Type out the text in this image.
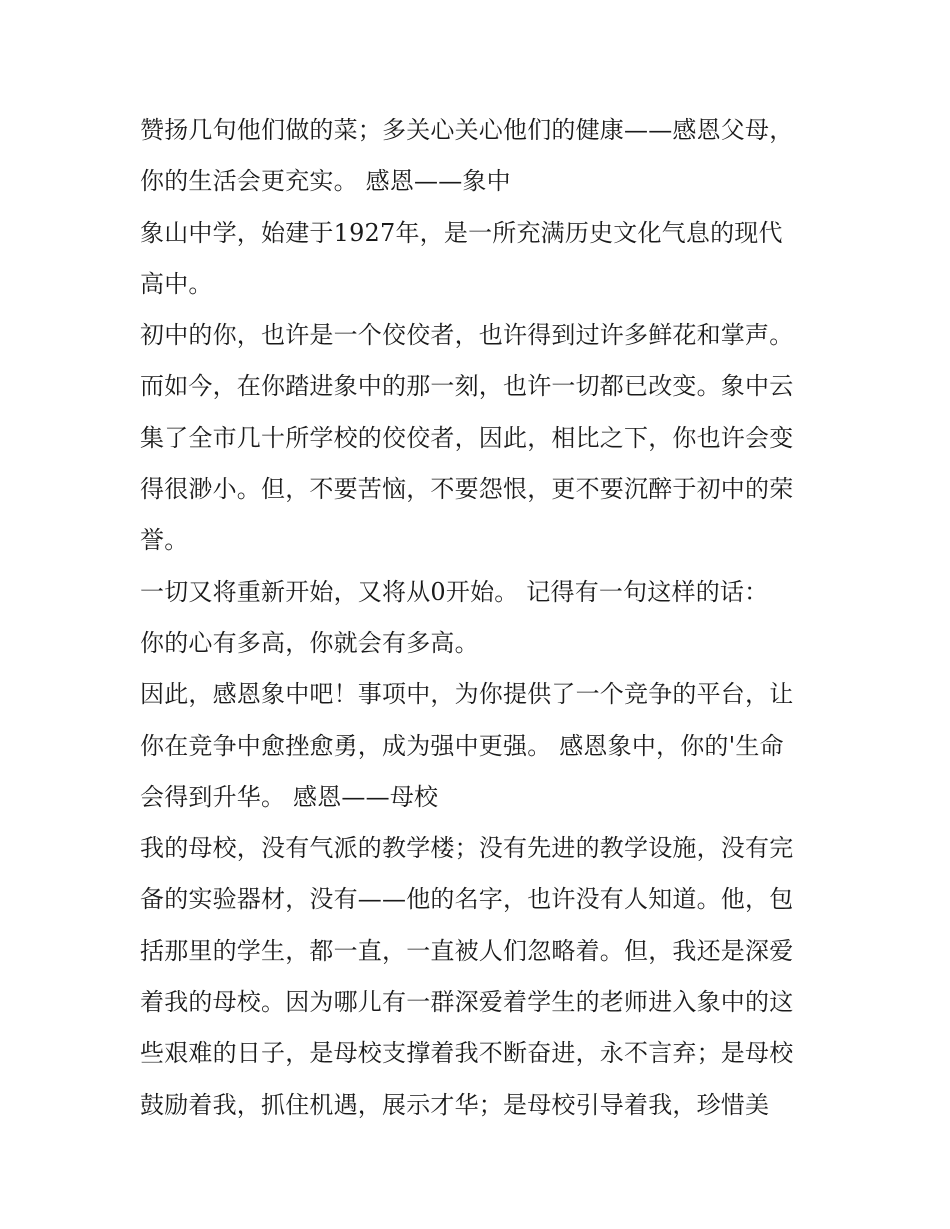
赞扬几句他们做的菜；多关心关心他们的健康——感恩父母，
你的生活会更充实。 感恩——象中
象山中学，始建于1927年，是一所充满历史文化气息的现代
高中。
初中的你，也许是一个佼佼者，也许得到过许多鲜花和掌声。
而如今，在你踏进象中的那一刻，也许一切都已改变。象中云
集了全市几十所学校的佼佼者，因此，相比之下，你也许会变
得很渺小。但，不要苦恼，不要怨恨，更不要沉醉于初中的荣
誉。
一切又将重新开始，又将从0开始。 记得有一句这样的话：
你的心有多高，你就会有多高。
因此，感恩象中吧！事项中，为你提供了一个竞争的平台，让
你在竞争中愈挫愈勇，成为强中更强。 感恩象中，你的'生命
会得到升华。 感恩——母校
我的母校，没有气派的教学楼；没有先进的教学设施，没有完
备的实验器材，没有——他的名字，也许没有人知道。他，包
括那里的学生，都一直，一直被人们忽略着。但，我还是深爱
着我的母校。因为哪儿有一群深爱着学生的老师进入象中的这
些艰难的日子，是母校支撑着我不断奋进，永不言弃；是母校
鼓励着我，抓住机遇，展示才华；是母校引导着我，珍惜美
